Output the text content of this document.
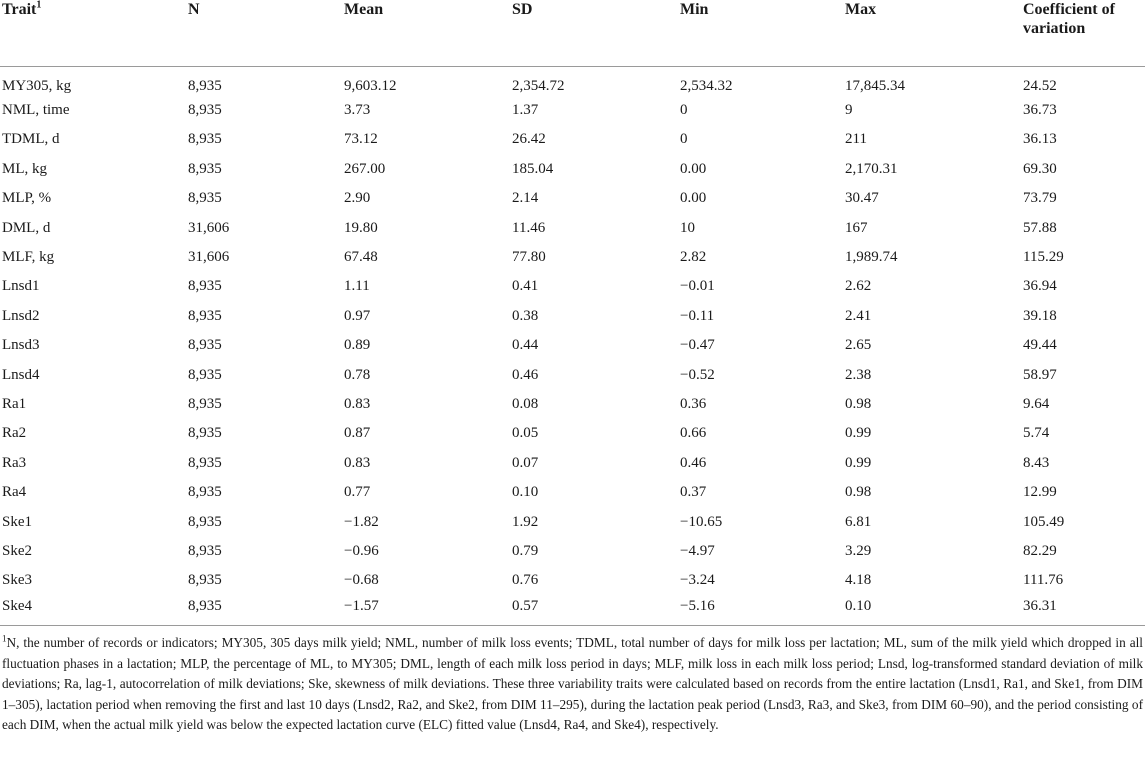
Trait$^1$	N	Mean	SD	Min	Max	Coefficient of
variation

MY305, kg	8,935	9,603.12	2,354.72	2,534.32	17,845.34	24.52
NML, time	8,935	3.73	1.37	0	9	36.73
TDML, d	8,935	73.12	26.42	0	211	36.13
ML, kg	8,935	267.00	185.04	0.00	2,170.31	69.30
MLP, %	8,935	2.90	2.14	0.00	30.47	73.79
DML, d	31,606	19.80	11.46	10	167	57.88
MLF, kg	31,606	67.48	77.80	2.82	1,989.74	115.29
Lnsd1	8,935	1.11	0.41	−0.01	2.62	36.94
Lnsd2	8,935	0.97	0.38	−0.11	2.41	39.18
Lnsd3	8,935	0.89	0.44	−0.47	2.65	49.44
Lnsd4	8,935	0.78	0.46	−0.52	2.38	58.97
Ra1	8,935	0.83	0.08	0.36	0.98	9.64
Ra2	8,935	0.87	0.05	0.66	0.99	5.74
Ra3	8,935	0.83	0.07	0.46	0.99	8.43
Ra4	8,935	0.77	0.10	0.37	0.98	12.99
Ske1	8,935	−1.82	1.92	−10.65	6.81	105.49
Ske2	8,935	−0.96	0.79	−4.97	3.29	82.29
Ske3	8,935	−0.68	0.76	−3.24	4.18	111.76
Ske4	8,935	−1.57	0.57	−5.16	0.10	36.31
$^1$N, the number of records or indicators; MY305, 305 days milk yield; NML, number of milk loss events; TDML, total number of days for milk loss per lactation; ML, sum of the milk yield which dropped in all fluctuation phases in a lactation; MLP, the percentage of ML, to MY305; DML, length of each milk loss period in days; MLF, milk loss in each milk loss period; Lnsd, log-transformed standard deviation of milk deviations; Ra, lag-1, autocorrelation of milk deviations; Ske, skewness of milk deviations. These three variability traits were calculated based on records from the entire lactation (Lnsd1, Ra1, and Ske1, from DIM 1–305), lactation period when removing the first and last 10 days (Lnsd2, Ra2, and Ske2, from DIM 11–295), during the lactation peak period (Lnsd3, Ra3, and Ske3, from DIM 60–90), and the period consisting of each DIM, when the actual milk yield was below the expected lactation curve (ELC) fitted value (Lnsd4, Ra4, and Ske4), respectively.
